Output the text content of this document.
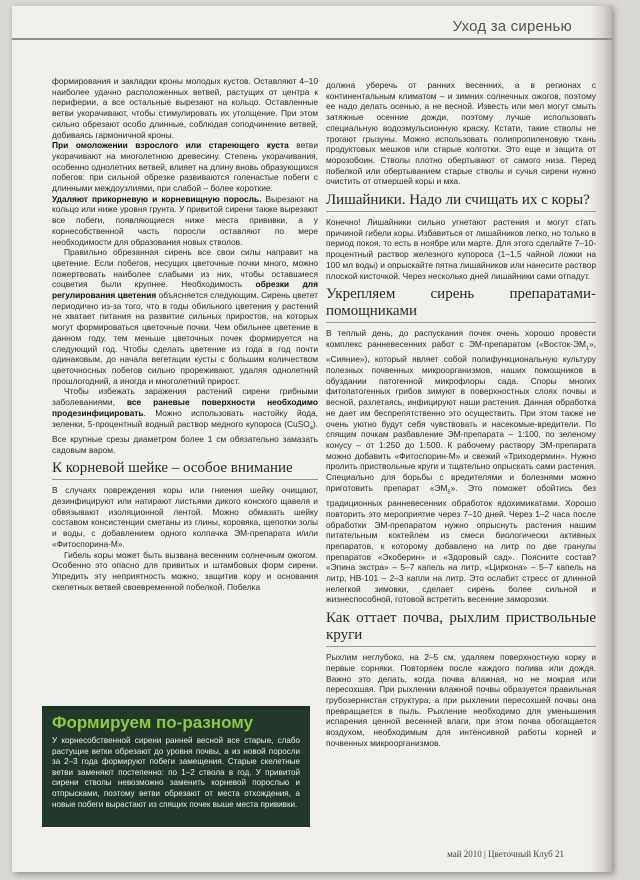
Уход за сиренью

формирования и закладки кроны молодых кустов. Оставляют 4–10 наиболее удачно расположенных ветвей, растущих от центра к периферии, а все остальные вырезают на кольцо. Оставленные ветви укорачивают, чтобы стимулировать их утолщение. При этом сильно обрезают особо длинные, соблюдая соподчинение ветвей, добиваясь гармоничной кроны.

При омоложении взрослого или стареющего куста ветви укорачивают на многолетнюю древесину. Степень укорачивания, особенно однолетних ветвей, влияет на длину вновь образующихся побегов: при сильной обрезке развиваются голенастые побеги с длинными междоузлиями, при слабой – более короткие.

Удаляют прикорневую и корневищную поросль. Вырезают на кольцо или ниже уровня грунта. У привитой сирени также вырезают все побеги, появляющиеся ниже места прививки, а у корнесобственной часть поросли оставляют по мере необходимости для образования новых стволов.

Правильно обрезанная сирень все свои силы направит на цветение. Если побегов, несущих цветочные почки много, можно пожертвовать наиболее слабыми из них, чтобы оставшиеся соцветия были крупнее. Необходимость обрезки для регулирования цветения объясняется следующим. Сирень цветет периодично из-за того, что в годы обильного цветения у растений не хватает питания на развитие сильных приростов, на которых могут формироваться цветочные почки. Чем обильнее цветение в данном году, тем меньше цветочных почек формируется на следующий год. Чтобы сделать цветение из года в год почти одинаковым, до начала вегетации кусты с большим количеством цветочносных побегов сильно прореживают, удаляя однолетний прошлогодний, а иногда и многолетний прирост.

Чтобы избежать заражения растений сирени грибными заболеваниями, все раневые поверхности необходимо продезинфицировать. Можно использовать настойку йода, зеленки, 5-процентный водный раствор медного купороса (CuSO$_4$). Все крупные срезы диаметром более 1 см обязательно замазать садовым варом.

К корневой шейке – особое внимание

В случаях повреждения коры или гниения шейку очищают, дезинфицируют или натирают листьями дикого конского щавеля и обвязывают изоляционной лентой. Можно обмазать шейку составом консистенции сметаны из глины, коровяка, щепотки золы и воды, с добавлением одного колпачка ЭМ-препарата и/или «Фитоспорина-М».

Гибель коры может быть вызвана весенним солнечным ожогом. Особенно это опасно для привитых и штамбовых форм сирени. Упредить эту неприятность можно, защитив кору и основания скелетных ветвей своевременной побелкой. Побелка

должна уберечь от ранних весенних, а в регионах с континентальным климатом – и зимних солнечных ожогов, поэтому ее надо делать осенью, а не весной. Известь или мел могут смыть затяжные осенние дожди, поэтому лучше использовать специальную водоэмульсионную краску. Кстати, такие стволы не трогают грызуны. Можно использовать полипропиленовую ткань продуктовых мешков или старые колготки. Это еще и защита от морозобоин. Стволы плотно обертывают от самого низа. Перед побелкой или обертыванием старые стволы и сучья сирени нужно очистить от отмершей коры и мха.

Лишайники. Надо ли счищать их с коры?

Конечно! Лишайники сильно угнетают растения и могут стать причиной гибели коры. Избавиться от лишайников легко, но только в период покоя, то есть в ноябре или марте. Для этого сделайте 7–10-процентный раствор железного купороса (1–1,5 чайной ложки на 100 мл воды) и опрыскайте пятна лишайников или нанесите раствор плоской кисточкой. Через несколько дней лишайники сами отпадут.

Укрепляем сирень препаратами-помощниками

В теплый день, до распускания почек очень хорошо провести комплекс ранневесенних работ с ЭМ-препаратом («$Восток-ЭМ_1$», «Сияние»), который являет собой полифункциональную культуру полезных почвенных микроорганизмов, наших помощников в обуздании патогенной микрофлоры сада. Споры многих фитопатогенных грибов зимуют в поверхностных слоях почвы и весной, разлетаясь, инфицируют наши растения. Данная обработка не дает им беспрепятственно это осуществить. При этом также не очень уютно будут себя чувствовать и насекомые-вредители. По спящим почкам разбавление ЭМ-препарата – 1:100, по зеленому конусу – от 1:250 до 1:500. К рабочему раствору ЭМ-препарата можно добавить «Фитоспорин-М» и свежий «Триходермин». Нужно пролить приствольные круги и тщательно опрыскать сами растения. Специально для борьбы с вредителями и болезнями можно приготовить препарат «$ЭМ_5$». Это поможет обойтись без традиционных ранневесенних обработок ядохимикатами. Хорошо повторить это мероприятие через 7–10 дней. Через 1–2 часа после обработки ЭМ-препаратом нужно опрыснуть растения нашим питательным коктейлем из смеси биологически активных препаратов, к которому добавлено на литр по две гранулы препаратов «Экоберин» и «Здоровый сад». Поясните состав? «Эпина экстра» – 5–7 капель на литр, «Циркона» – 5–7 капель на литр, НВ-101 – 2–3 капли на литр. Это ослабит стресс от длинной нелегкой зимовки, сделает сирень более сильной и жизнеспособной, готовой встретить весенние заморозки.

Как оттает почва, рыхлим приствольные круги

Рыхлим неглубоко, на 2–5 см, удаляем поверхностную корку и первые сорняки. Повторяем после каждого полива или дождя. Важно это делать, когда почва влажная, но не мокрая или пересохшая. При рыхлении влажной почвы образуется правильная грубозернистая структура, а при рыхлении пересохшей почвы она превращается в пыль. Рыхление необходимо для уменьшения испарения ценной весенней влаги, при этом почва обогащается воздухом, необходимым для интенсивной работы корней и почвенных микроорганизмов.

Формируем по-разному

У корнесобственной сирени ранней весной все старые, слабо растущие ветки обрезают до уровня почвы, а из новой поросли за 2–3 года формируют побеги замещения. Старые скелетные ветви заменяют постепенно: по 1–2 ствола в год. У привитой сирени стволы невозможно заменить корневой порослью и отпрысками, поэтому ветви обрезают от места отхождения, а новые побеги вырастают из спящих почек выше места прививки.

май 2010 | Цветочный Клуб 21
